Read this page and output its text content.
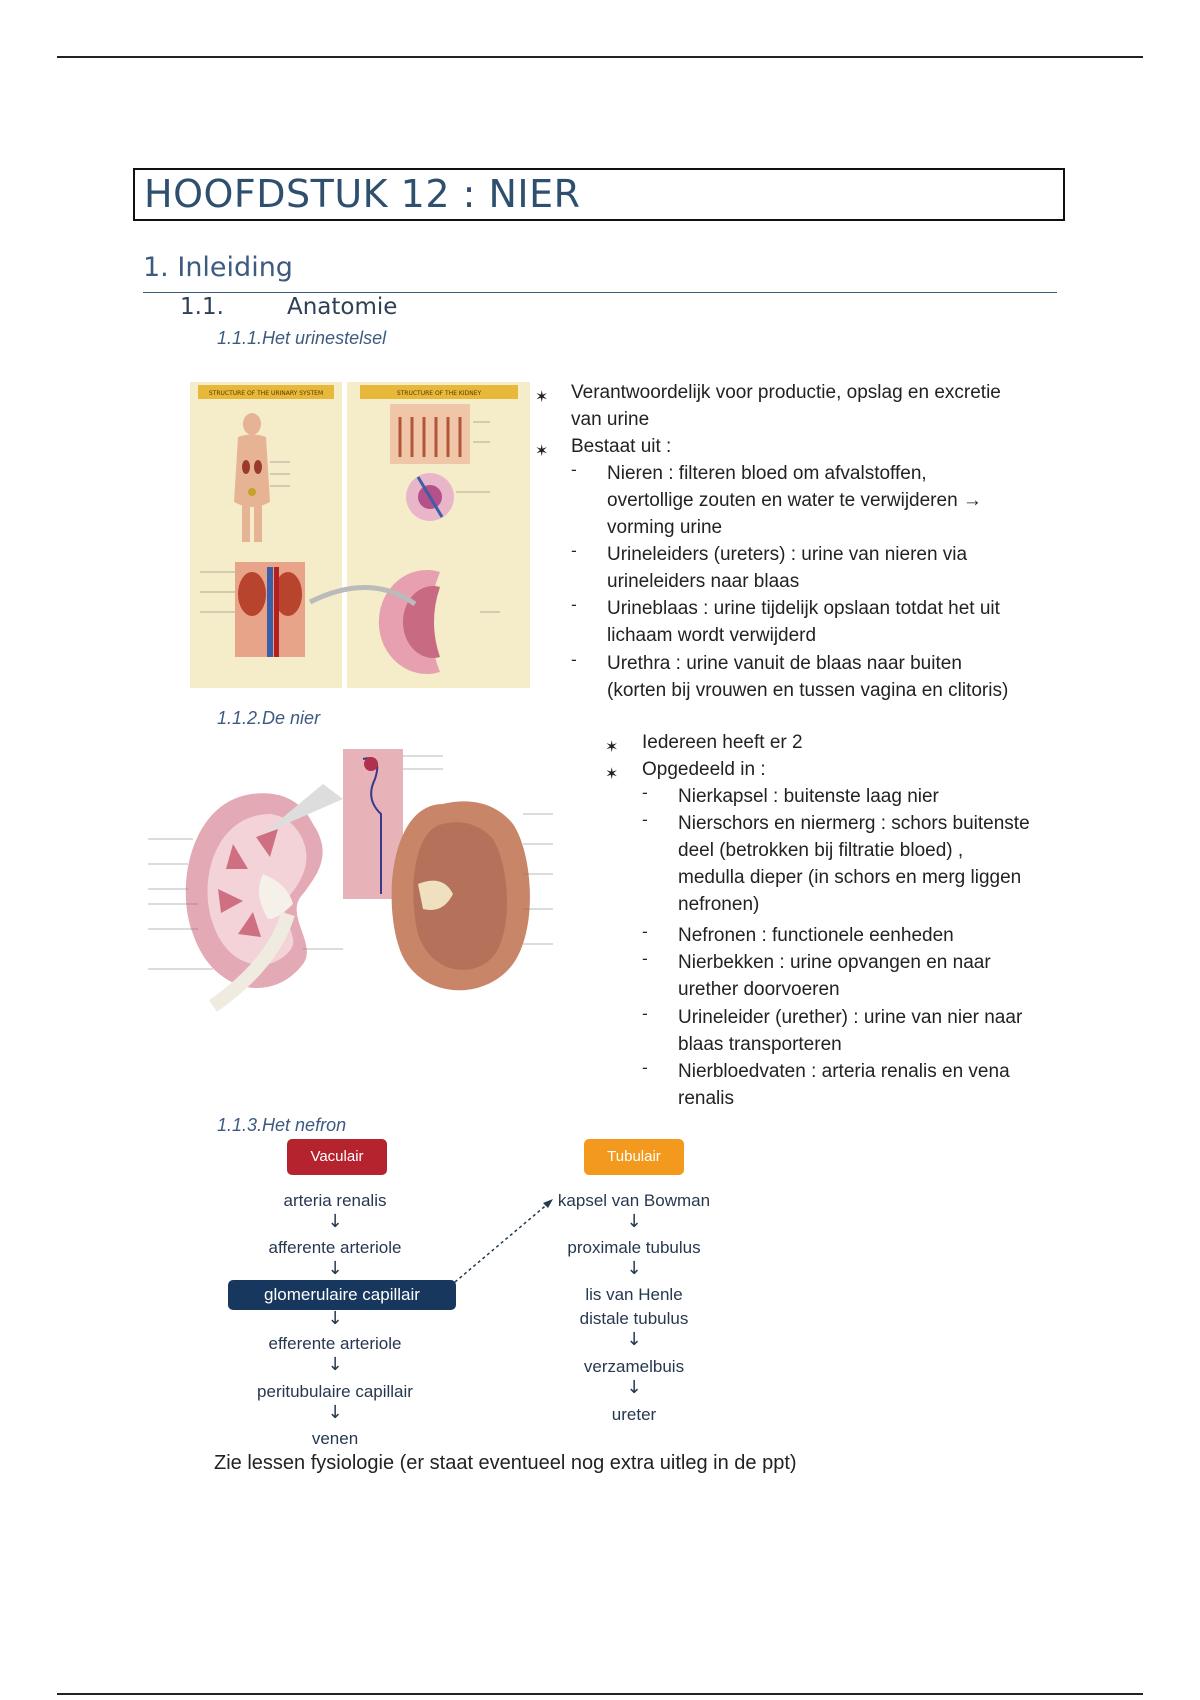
HOOFDSTUK 12 : NIER
1. Inleiding
1.1.	Anatomie
1.1.1.Het urinestelsel
STRUCTURE OF THE URINARY SYSTEM	STRUCTURE OF THE KIDNEY	✶ Verantwoordelijk voor productie, opslag en excretie
van urine
✶ Bestaat uit :
- Nieren : filteren bloed om afvalstoffen,
overtollige zouten en water te verwijderen →
vorming urine
- Urineleiders (ureters) : urine van nieren via
urineleiders naar blaas
- Urineblaas : urine tijdelijk opslaan totdat het uit
lichaam wordt verwijderd
- Urethra : urine vanuit de blaas naar buiten
(korten bij vrouwen en tussen vagina en clitoris)
1.1.2.De nier
✶ Iedereen heeft er 2
✶ Opgedeeld in :
- Nierkapsel : buitenste laag nier
- Nierschors en niermerg : schors buitenste
deel (betrokken bij filtratie bloed) ,
medulla dieper (in schors en merg liggen
nefronen)
- Nefronen : functionele eenheden
- Nierbekken : urine opvangen en naar
urether doorvoeren
- Urineleider (urether) : urine van nier naar
blaas transporteren
- Nierbloedvaten : arteria renalis en vena
renalis
1.1.3.Het nefron
Vaculair	Tubulair
arteria renalis
↓
afferente arteriole
↓
glomerulaire capillair
↓
efferente arteriole
↓
peritubulaire capillair
↓
venen
kapsel van Bowman
↓
proximale tubulus
↓
lis van Henle
distale tubulus
↓
verzamelbuis
↓
ureter
Zie lessen fysiologie (er staat eventueel nog extra uitleg in de ppt)
